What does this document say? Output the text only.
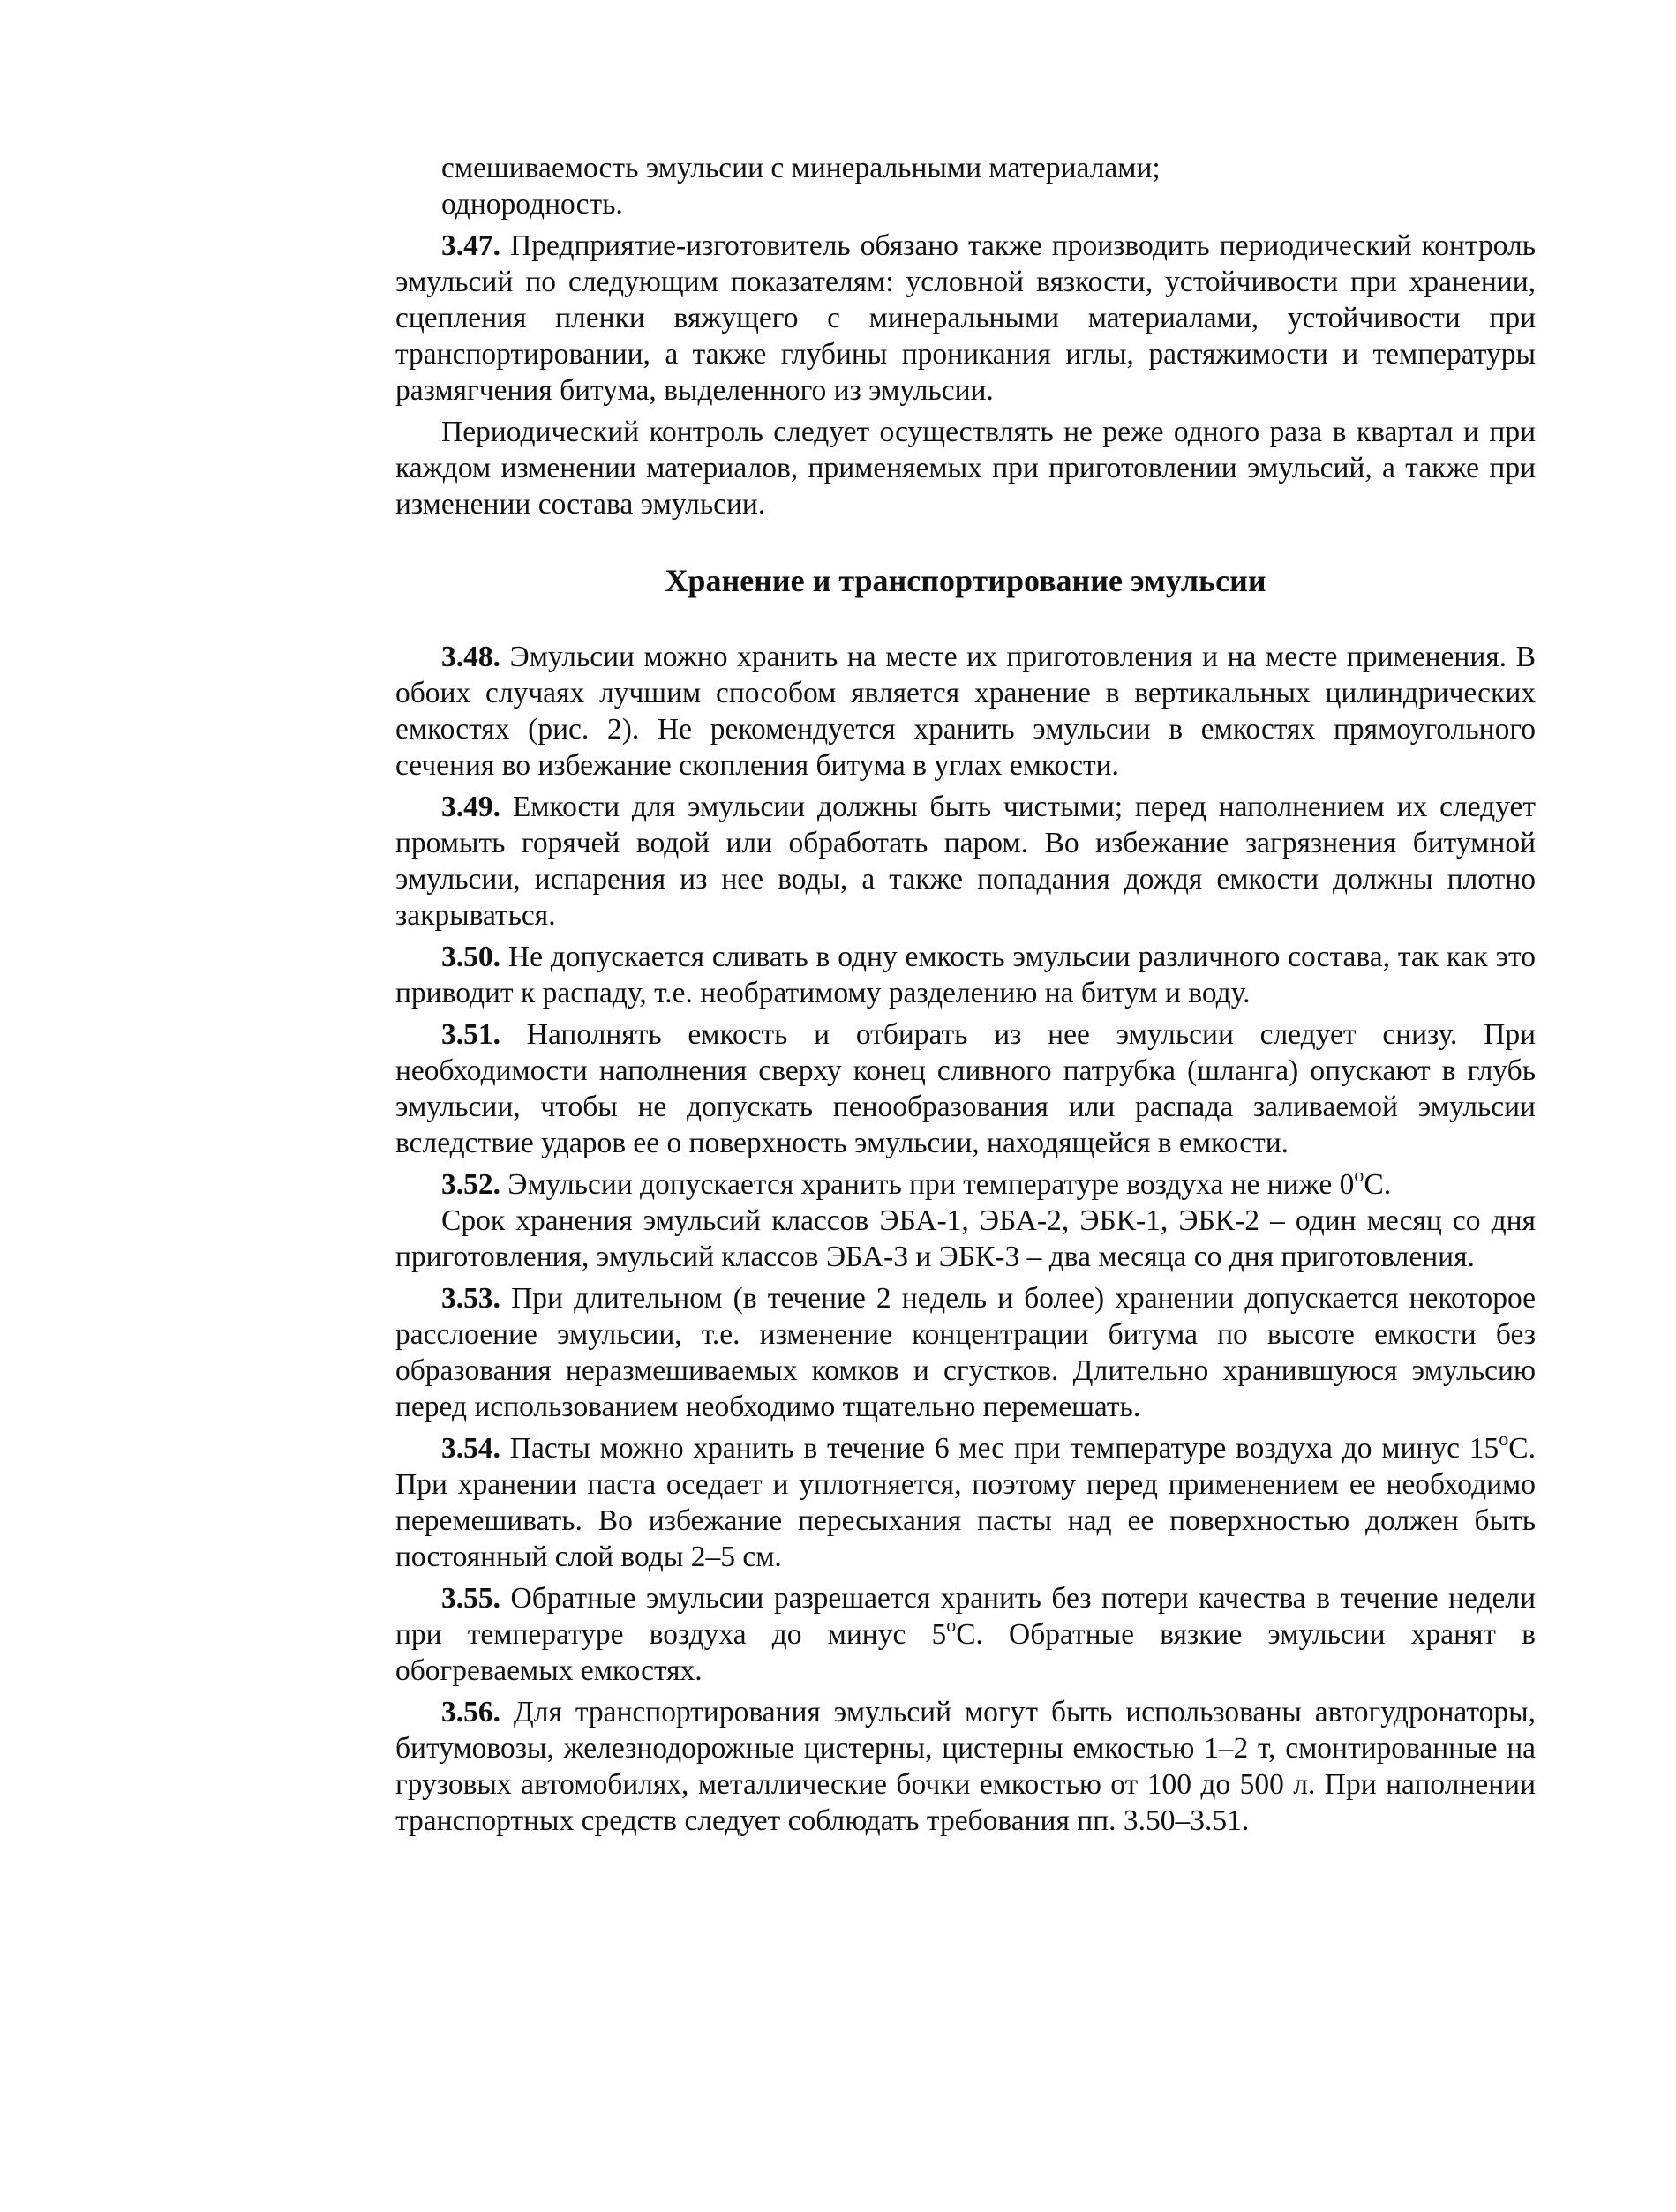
смешиваемость эмульсии с минеральными материалами;

однородность.

3.47. Предприятие-изготовитель обязано также производить периодический контроль эмульсий по следующим показателям: условной вязкости, устойчивости при хранении, сцепления пленки вяжущего с минеральными материалами, устойчивости при транспортировании, а также глубины проникания иглы, растяжимости и температуры размягчения битума, выделенного из эмульсии.

Периодический контроль следует осуществлять не реже одного раза в квартал и при каждом изменении материалов, применяемых при приготовлении эмульсий, а также при изменении состава эмульсии.

Хранение и транспортирование эмульсии

3.48. Эмульсии можно хранить на месте их приготовления и на месте применения. В обоих случаях лучшим способом является хранение в вертикальных цилиндрических емкостях (рис. 2). Не рекомендуется хранить эмульсии в емкостях прямоугольного сечения во избежание скопления битума в углах емкости.

3.49. Емкости для эмульсии должны быть чистыми; перед наполнением их следует промыть горячей водой или обработать паром. Во избежание загрязнения битумной эмульсии, испарения из нее воды, а также попадания дождя емкости должны плотно закрываться.

3.50. Не допускается сливать в одну емкость эмульсии различного состава, так как это приводит к распаду, т.е. необратимому разделению на битум и воду.

3.51. Наполнять емкость и отбирать из нее эмульсии следует снизу. При необходимости наполнения сверху конец сливного патрубка (шланга) опускают в глубь эмульсии, чтобы не допускать пенообразования или распада заливаемой эмульсии вследствие ударов ее о поверхность эмульсии, находящейся в емкости.

3.52. Эмульсии допускается хранить при температуре воздуха не ниже $0^оС$.

Срок хранения эмульсий классов ЭБА-1, ЭБА-2, ЭБК-1, ЭБК-2 – один месяц со дня приготовления, эмульсий классов ЭБА-3 и ЭБК-3 – два месяца со дня приготовления.

3.53. При длительном (в течение 2 недель и более) хранении допускается некоторое расслоение эмульсии, т.е. изменение концентрации битума по высоте емкости без образования неразмешиваемых комков и сгустков. Длительно хранившуюся эмульсию перед использованием необходимо тщательно перемешать.

3.54. Пасты можно хранить в течение 6 мес при температуре воздуха до минус $15^оС$. При хранении паста оседает и уплотняется, поэтому перед применением ее необходимо перемешивать. Во избежание пересыхания пасты над ее поверхностью должен быть постоянный слой воды 2–5 см.

3.55. Обратные эмульсии разрешается хранить без потери качества в течение недели при температуре воздуха до минус $5^оС$. Обратные вязкие эмульсии хранят в обогреваемых емкостях.

3.56. Для транспортирования эмульсий могут быть использованы автогудронаторы, битумовозы, железнодорожные цистерны, цистерны емкостью 1–2 т, смонтированные на грузовых автомобилях, металлические бочки емкостью от 100 до 500 л. При наполнении транспортных средств следует соблюдать требования пп. 3.50–3.51.
